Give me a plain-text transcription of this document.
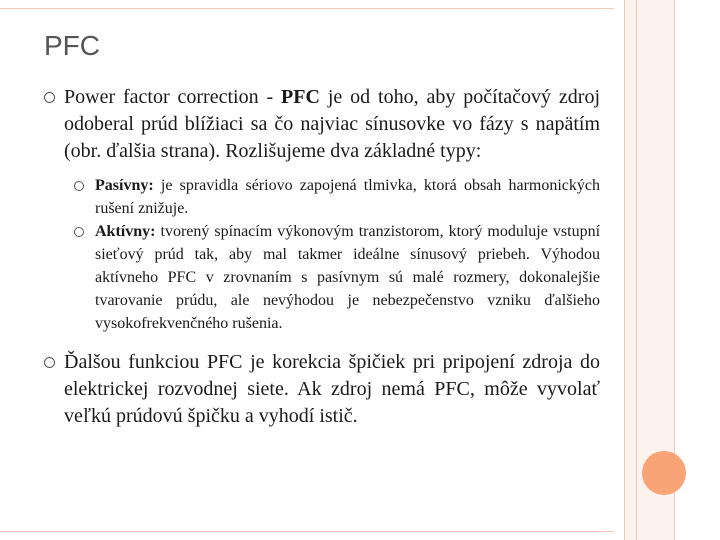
PFC
Power factor correction - PFC je od toho, aby počítačový zdroj odoberal prúd blížiaci sa čo najviac sínusovke vo fázy s napätím (obr. ďalšia strana). Rozlišujeme dva základné typy:
Pasívny: je spravidla sériovo zapojená tlmivka, ktorá obsah harmonických rušení znižuje.
Aktívny: tvorený spínacím výkonovým tranzistorom, ktorý moduluje vstupní sieťový prúd tak, aby mal takmer ideálne sínusový priebeh. Výhodou aktívneho PFC v zrovnaním s pasívnym sú malé rozmery, dokonalejšie tvarovanie prúdu, ale nevýhodou je nebezpečenstvo vzniku ďalšieho vysokofrekvenčného rušenia.
Ďalšou funkciou PFC je korekcia špičiek pri pripojení zdroja do elektrickej rozvodnej siete. Ak zdroj nemá PFC, môže vyvolať veľkú prúdovú špičku a vyhodí istič.
